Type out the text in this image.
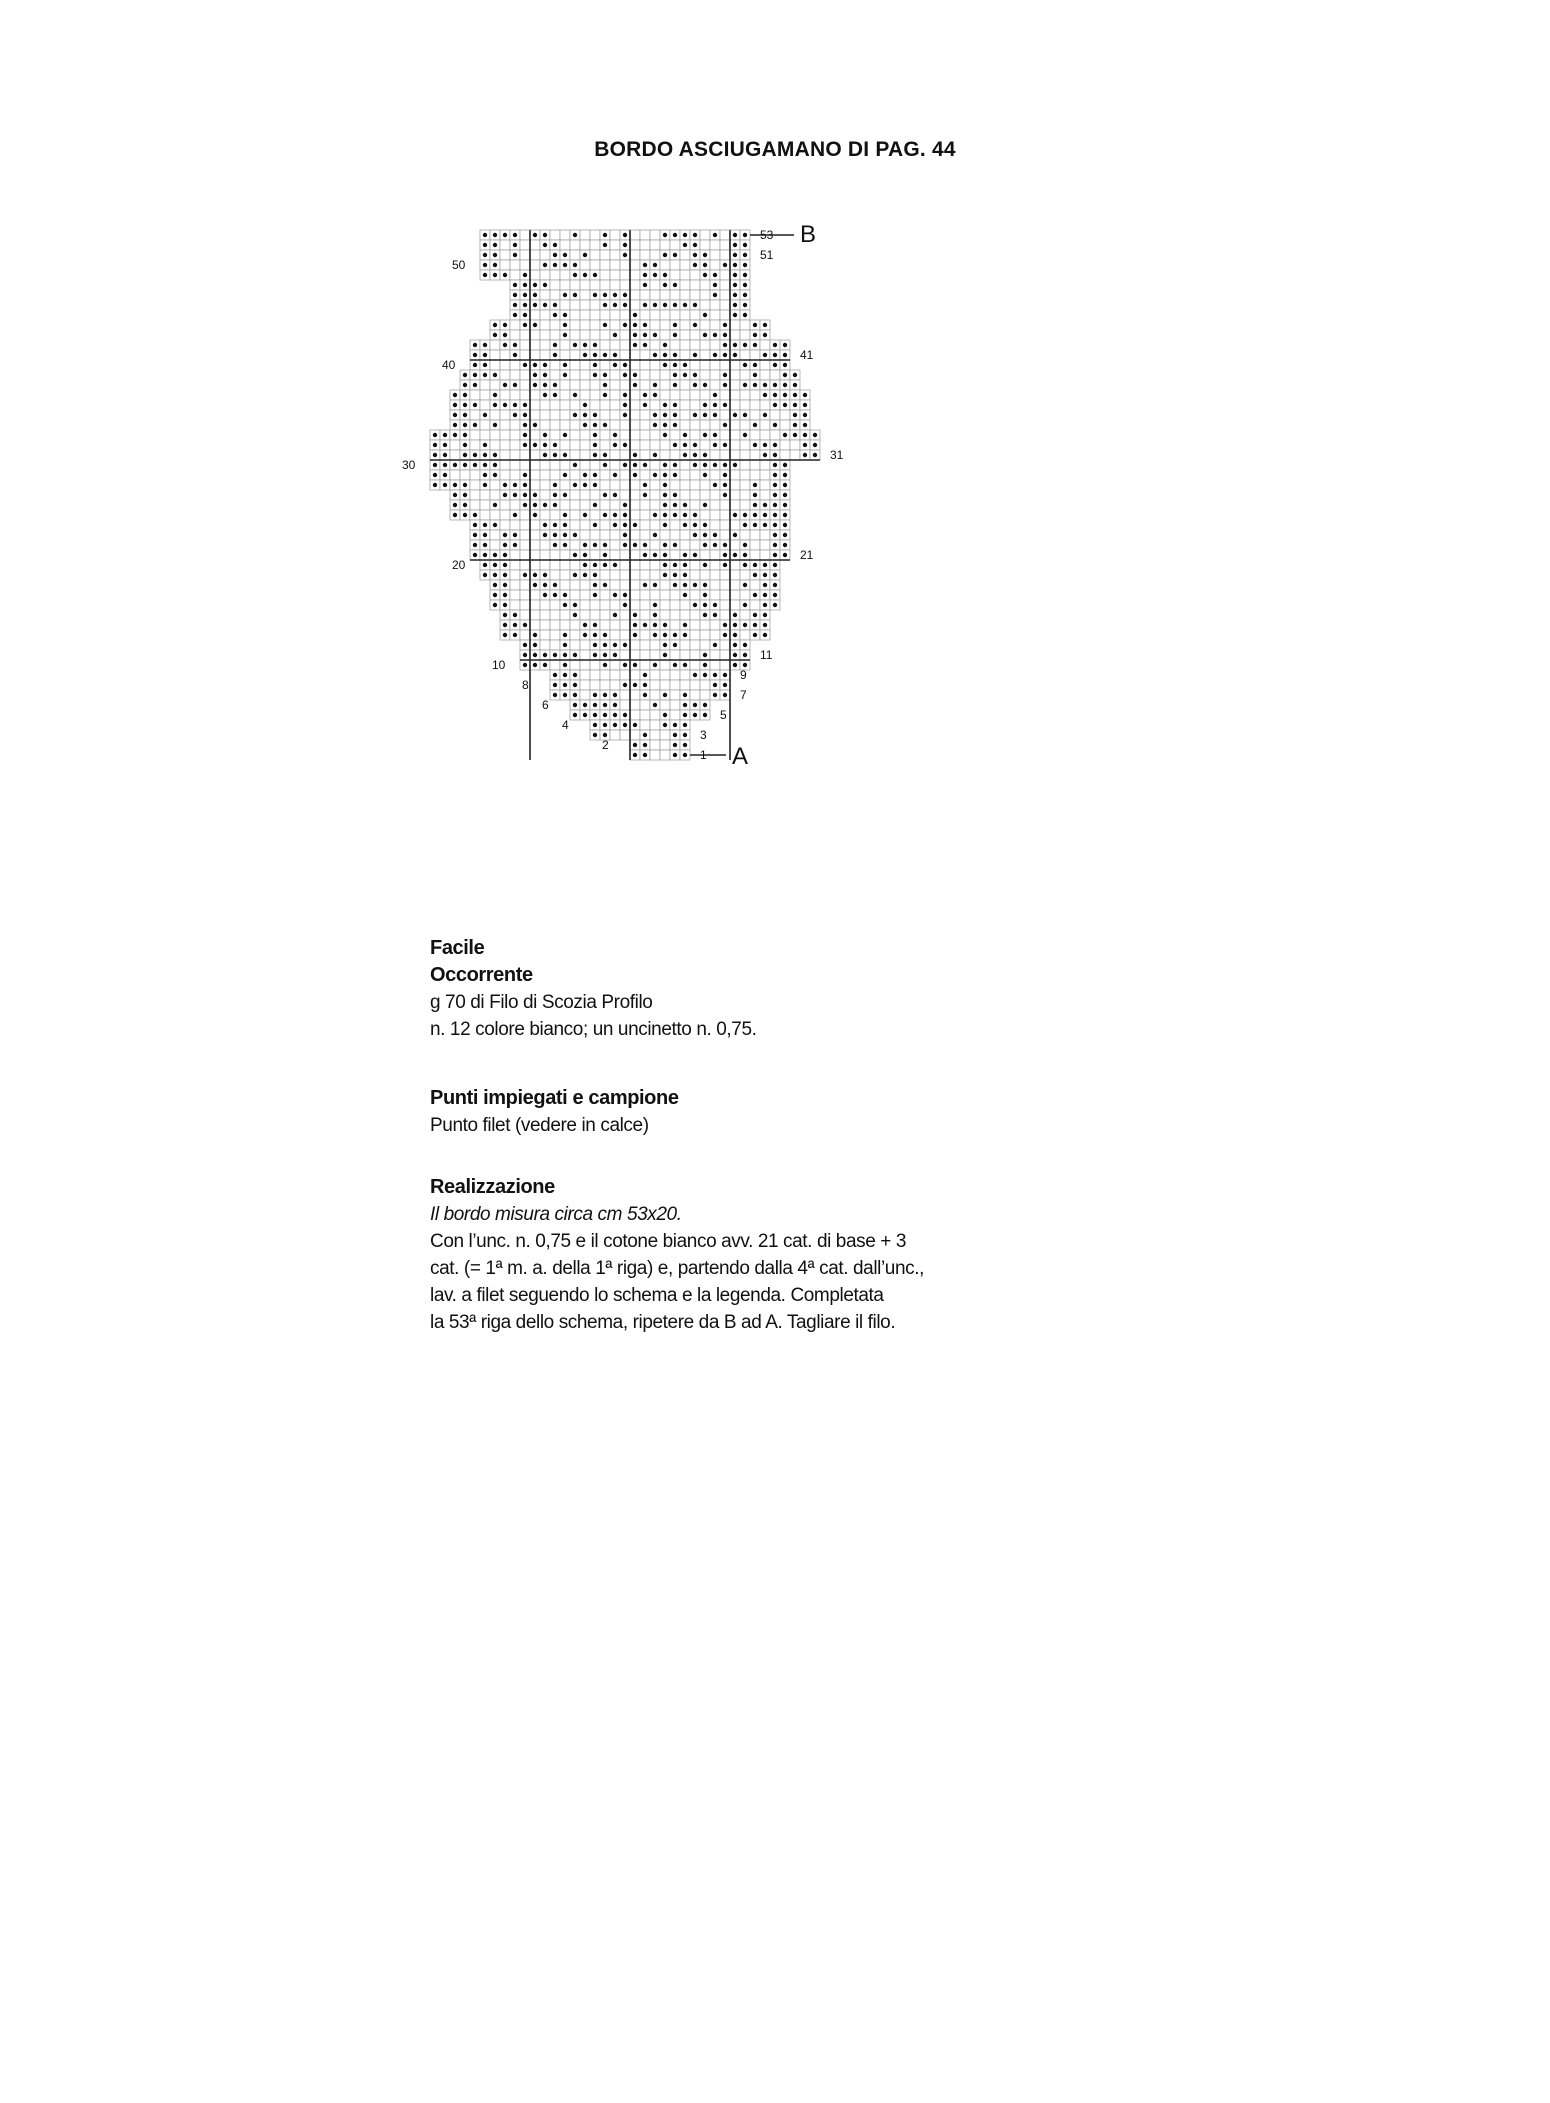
BORDO ASCIUGAMANO DI PAG. 44
53
51
41
31
21
11
9
7
5
3
1
50
40
30
20
10
8
6
4
2
B
A
Facile
Occorrente
g 70 di Filo di Scozia Profilo
n. 12 colore bianco; un uncinetto n. 0,75.
Punti impiegati e campione
Punto filet (vedere in calce)
Realizzazione
Il bordo misura circa cm 53x20.
Con l’unc. n. 0,75 e il cotone bianco avv. 21 cat. di base + 3
cat. (= 1ª m. a. della 1ª riga) e, partendo dalla 4ª cat. dall’unc.,
lav. a filet seguendo lo schema e la legenda. Completata
la 53ª riga dello schema, ripetere da B ad A. Tagliare il filo.
